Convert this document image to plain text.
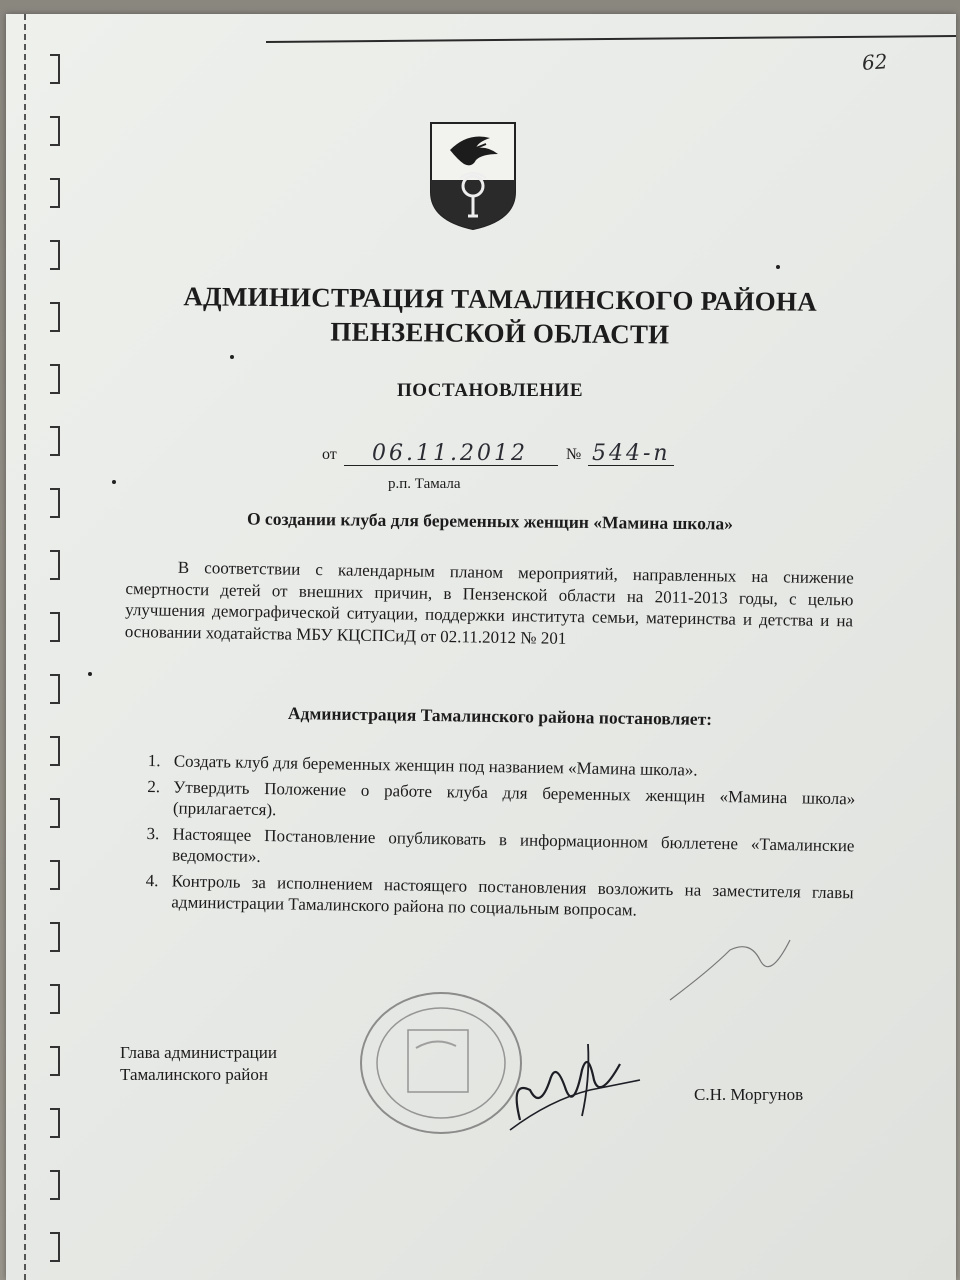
62
АДМИНИСТРАЦИЯ ТАМАЛИНСКОГО РАЙОНА
ПЕНЗЕНСКОЙ ОБЛАСТИ
ПОСТАНОВЛЕНИЕ
от 06.11.2012 № 544-п
р.п. Тамала
О создании клуба для беременных женщин «Мамина школа»
В соответствии с календарным планом мероприятий, направленных на снижение смертности детей от внешних причин, в Пензенской области на 2011-2013 годы, с целью улучшения демографической ситуации, поддержки института семьи, материнства и детства и на основании ходатайства МБУ КЦСПСиД от 02.11.2012 № 201
Администрация Тамалинского района постановляет:
1. Создать клуб для беременных женщин под названием «Мамина школа».
2. Утвердить Положение о работе клуба для беременных женщин «Мамина школа» (прилагается).
3. Настоящее Постановление опубликовать в информационном бюллетене «Тамалинские ведомости».
4. Контроль за исполнением настоящего постановления возложить на заместителя главы администрации Тамалинского района по социальным вопросам.
Глава администрации
Тамалинского район
С.Н. Моргунов
